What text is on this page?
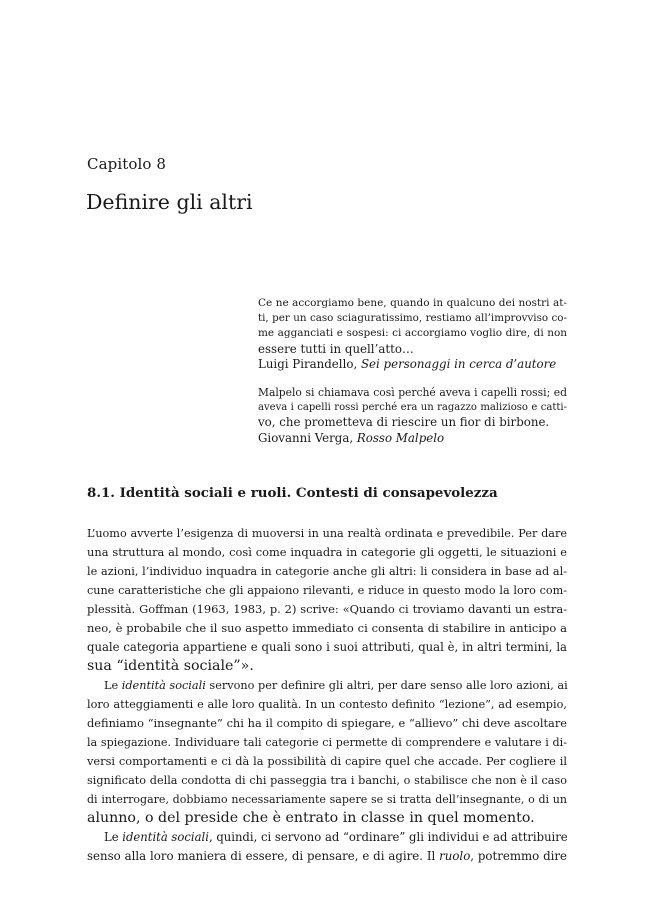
Capitolo 8
Definire gli altri
Ce ne accorgiamo bene, quando in qualcuno dei nostri at-
ti, per un caso sciaguratissimo, restiamo all’improvviso co-
me agganciati e sospesi: ci accorgiamo voglio dire, di non
essere tutti in quell’atto…
Luigi Pirandello, Sei personaggi in cerca d’autore
Malpelo si chiamava così perché aveva i capelli rossi; ed
aveva i capelli rossi perché era un ragazzo malizioso e catti-
vo, che prometteva di riescire un fior di birbone.
Giovanni Verga, Rosso Malpelo
8.1. Identità sociali e ruoli. Contesti di consapevolezza
L’uomo avverte l’esigenza di muoversi in una realtà ordinata e prevedibile. Per dare
una struttura al mondo, così come inquadra in categorie gli oggetti, le situazioni e
le azioni, l’individuo inquadra in categorie anche gli altri: li considera in base ad al-
cune caratteristiche che gli appaiono rilevanti, e riduce in questo modo la loro com-
plessità. Goffman (1963, 1983, p. 2) scrive: «Quando ci troviamo davanti un estra-
neo, è probabile che il suo aspetto immediato ci consenta di stabilire in anticipo a
quale categoria appartiene e quali sono i suoi attributi, qual è, in altri termini, la
sua “identità sociale”».
Le identità sociali servono per definire gli altri, per dare senso alle loro azioni, ai
loro atteggiamenti e alle loro qualità. In un contesto definito “lezione”, ad esempio,
definiamo “insegnante” chi ha il compito di spiegare, e “allievo” chi deve ascoltare
la spiegazione. Individuare tali categorie ci permette di comprendere e valutare i di-
versi comportamenti e ci dà la possibilità di capire quel che accade. Per cogliere il
significato della condotta di chi passeggia tra i banchi, o stabilisce che non è il caso
di interrogare, dobbiamo necessariamente sapere se si tratta dell’insegnante, o di un
alunno, o del preside che è entrato in classe in quel momento.
Le identità sociali, quindi, ci servono ad “ordinare” gli individui e ad attribuire
senso alla loro maniera di essere, di pensare, e di agire. Il ruolo, potremmo dire
